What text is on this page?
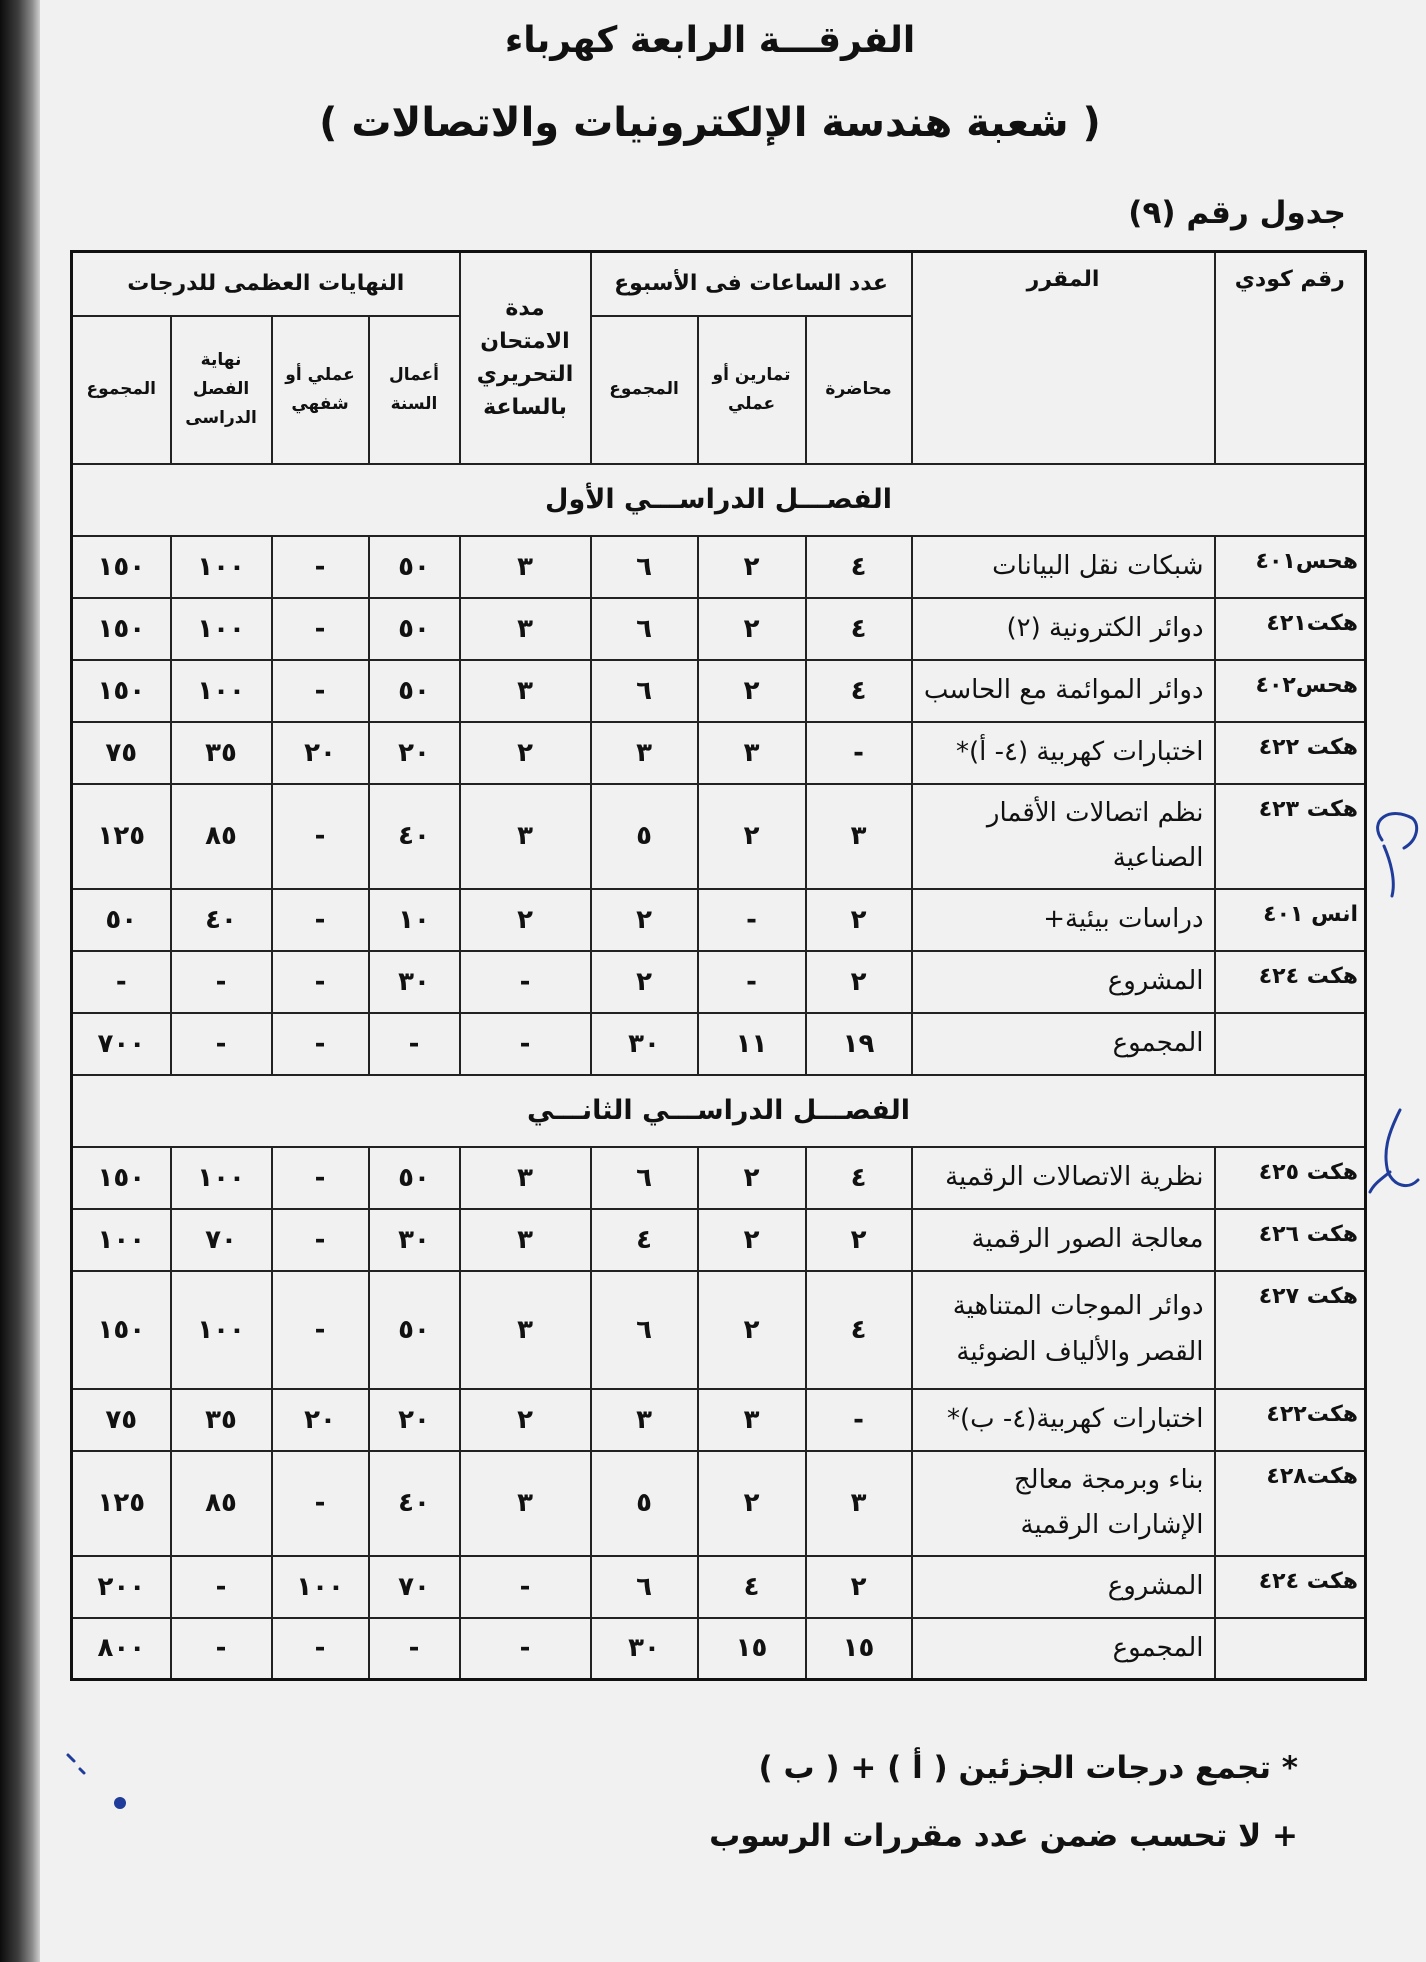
الفرقـــة الرابعة كهرباء
( شعبة هندسة الإلكترونيات والاتصالات )
جدول رقم (٩)
رقم كودي	المقرر	عدد الساعات فى الأسبوع			مدة الامتحان التحريري بالساعة	النهايات العظمى للدرجات			
		محاضرة	تمارين أو عملي	المجموع		أعمال السنة	عملي أو شفهي	نهاية الفصل الدراسى	المجموع
الفصـــل الدراســـي الأول									
هحس٤٠١	شبكات نقل البيانات	٤	٢	٦	٣	٥٠	-	١٠٠	١٥٠
هكت٤٢١	دوائر الكترونية (٢)	٤	٢	٦	٣	٥٠	-	١٠٠	١٥٠
هحس٤٠٢	دوائر الموائمة مع الحاسب	٤	٢	٦	٣	٥٠	-	١٠٠	١٥٠
هكت ٤٢٢	اختبارات كهربية (٤- أ)*	-	٣	٣	٢	٢٠	٢٠	٣٥	٧٥
هكت ٤٢٣	نظم اتصالات الأقمار الصناعية	٣	٢	٥	٣	٤٠	-	٨٥	١٢٥
انس ٤٠١	دراسات بيئية+	٢	-	٢	٢	١٠	-	٤٠	٥٠
هكت ٤٢٤	المشروع	٢	-	٢	-	٣٠	-	-	-
	المجموع	١٩	١١	٣٠	-	-	-	-	٧٠٠
الفصـــل الدراســـي الثانـــي									
هكت ٤٢٥	نظرية الاتصالات الرقمية	٤	٢	٦	٣	٥٠	-	١٠٠	١٥٠
هكت ٤٢٦	معالجة الصور الرقمية	٢	٢	٤	٣	٣٠	-	٧٠	١٠٠
هكت ٤٢٧	دوائر الموجات المتناهية القصر والألياف الضوئية	٤	٢	٦	٣	٥٠	-	١٠٠	١٥٠
هكت٤٢٢	اختبارات كهربية(٤- ب)*	-	٣	٣	٢	٢٠	٢٠	٣٥	٧٥
هكت٤٢٨	بناء وبرمجة معالج الإشارات الرقمية	٣	٢	٥	٣	٤٠	-	٨٥	١٢٥
هكت ٤٢٤	المشروع	٢	٤	٦	-	٧٠	١٠٠	-	٢٠٠
	المجموع	١٥	١٥	٣٠	-	-	-	-	٨٠٠
* تجمع درجات الجزئين ( أ ) + ( ب )
+ لا تحسب ضمن عدد مقررات الرسوب
